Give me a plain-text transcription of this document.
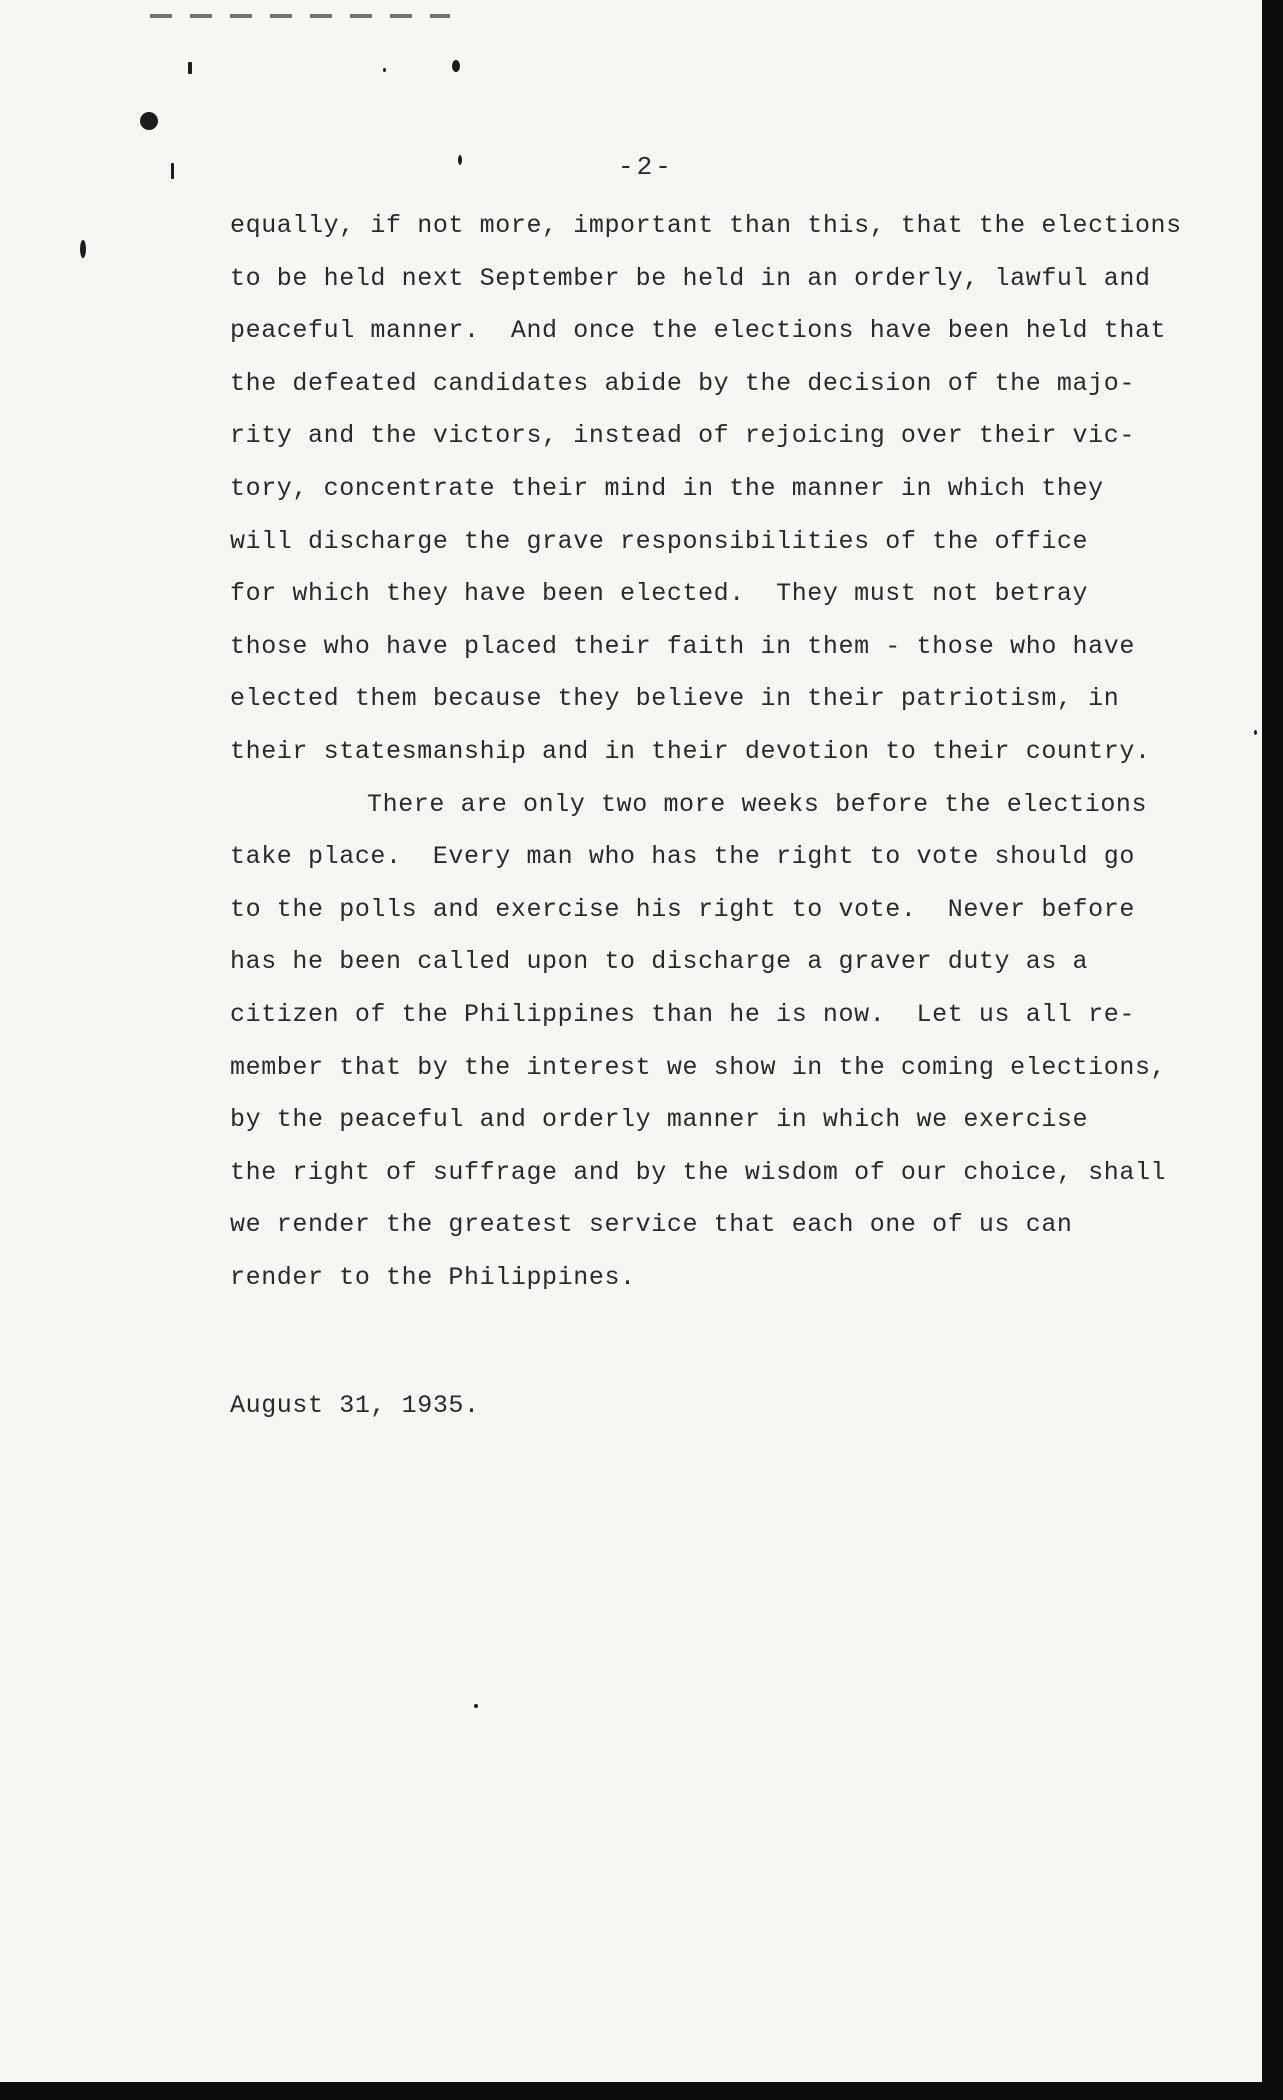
-2-
equally, if not more, important than this, that the elections
to be held next September be held in an orderly, lawful and
peaceful manner.  And once the elections have been held that
the defeated candidates abide by the decision of the majo-
rity and the victors, instead of rejoicing over their vic-
tory, concentrate their mind in the manner in which they
will discharge the grave responsibilities of the office
for which they have been elected.  They must not betray
those who have placed their faith in them - those who have
elected them because they believe in their patriotism, in
their statesmanship and in their devotion to their country.
There are only two more weeks before the elections
take place.  Every man who has the right to vote should go
to the polls and exercise his right to vote.  Never before
has he been called upon to discharge a graver duty as a
citizen of the Philippines than he is now.  Let us all re-
member that by the interest we show in the coming elections,
by the peaceful and orderly manner in which we exercise
the right of suffrage and by the wisdom of our choice, shall
we render the greatest service that each one of us can
render to the Philippines.
August 31, 1935.
